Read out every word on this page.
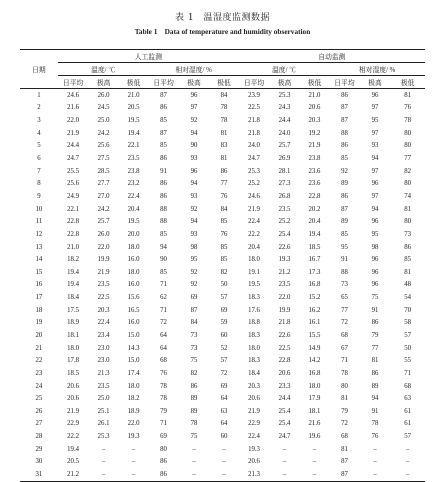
表 1　温湿度监测数据
Table 1　Data of temperature and humidity observation
日期	人工监测						自动监测					
	温度/ ℃			相对湿度/ %			温度/ ℃			相对湿度/ %		
	日平均	极高	极低	日平均	极高	极低	日平均	极高	极低	日平均	极高	极低
1	24.6	26.0	21.0	87	96	84	23.9	25.3	21.0	86	96	81
2	21.6	24.5	20.5	86	97	78	22.5	24.3	20.6	87	97	76
3	22.0	25.0	19.5	85	92	78	21.8	24.4	20.3	87	95	78
4	21.9	24.2	19.4	87	94	81	21.8	24.0	19.2	88	97	80
5	24.4	25.6	22.1	85	90	83	24.0	25.7	21.9	86	93	80
6	24.7	27.5	23.5	86	93	81	24.7	26.9	23.8	85	94	77
7	25.5	28.5	23.8	91	96	86	25.3	28.1	23.6	92	97	82
8	25.6	27.7	23.2	86	94	77	25.2	27.3	23.6	89	96	80
9	24.9	27.0	22.4	86	93	76	24.6	26.8	22.8	86	97	74
10	22.1	24.2	20.4	88	92	84	21.9	23.5	20.2	87	94	81
11	22.8	25.7	19.5	88	94	85	22.4	25.2	20.4	89	96	80
12	22.8	26.0	20.0	85	93	76	22.2	25.4	19.4	85	95	73
13	21.0	22.0	18.0	94	98	85	20.4	22.6	18.5	95	98	86
14	18.2	19.9	16.0	90	95	85	18.0	19.3	16.7	91	96	85
15	19.4	21.9	18.0	85	92	82	19.1	21.2	17.3	88	96	81
16	19.4	23.5	16.0	71	92	50	19.5	23.5	16.8	73	96	48
17	18.4	22.5	15.6	62	69	57	18.3	22.0	15.2	65	75	54
18	17.5	20.3	16.5	71	87	69	17.6	19.9	16.2	77	91	70
19	18.9	22.4	16.0	72	84	59	18.8	21.8	16.1	72	86	58
20	18.1	23.4	15.0	64	73	60	18.3	22.6	15.5	68	79	57
21	18.0	23.0	14.3	64	73	52	18.0	22.5	14.9	67	77	50
22	17.8	23.0	15.0	68	75	57	18.3	22.8	14.2	71	81	55
23	18.5	21.3	17.4	76	82	72	18.4	20.6	16.8	78	86	71
24	20.6	23.5	18.0	78	86	69	20.3	23.3	18.0	80	89	68
25	20.6	25.0	18.2	78	89	64	20.6	24.4	17.9	81	94	63
26	21.9	25.1	18.9	79	89	63	21.9	25.4	18.1	79	91	61
27	22.9	26.1	22.0	71	78	64	22.9	25.4	21.6	72	78	61
28	22.2	25.3	19.3	69	75	60	22.4	24.7	19.6	68	76	57
29	19.4	–	–	80	–	–	19.3	–	–	81	–	–
30	20.5	–	–	86	–	–	20.6	–	–	87	–	–
31	21.2	–	–	86	–	–	21.3	–	–	87	–	–
